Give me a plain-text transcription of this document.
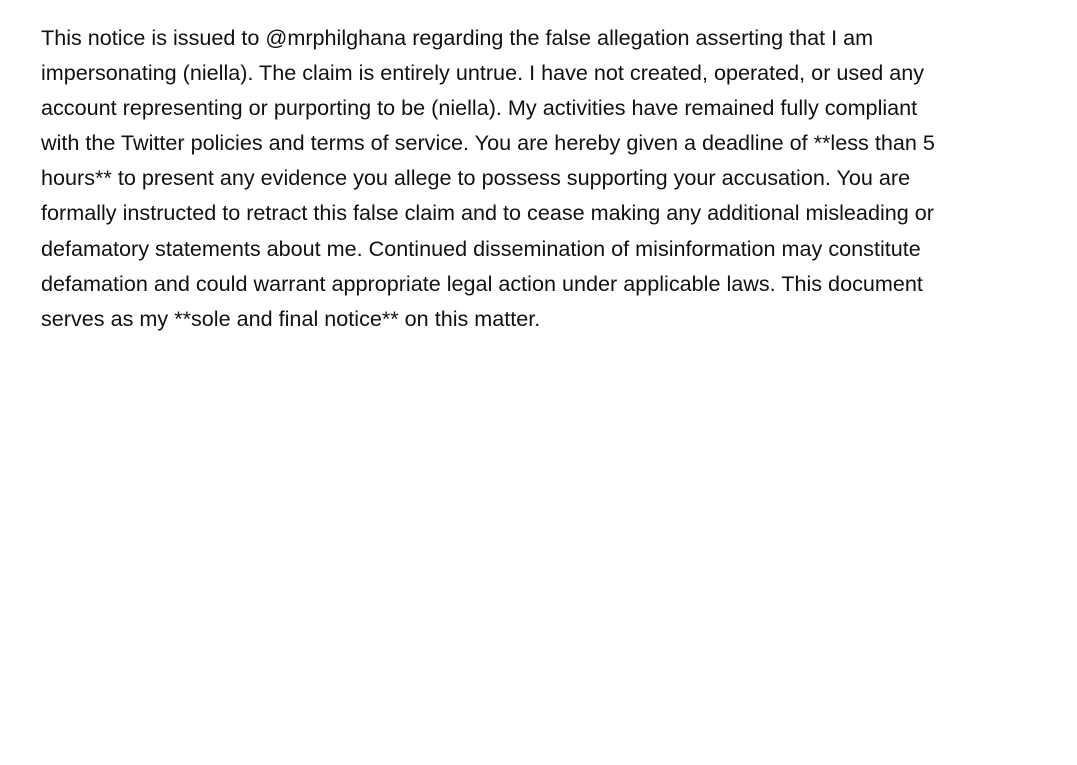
This notice is issued to @mrphilghana regarding the false allegation asserting that I am
impersonating (niella). The claim is entirely untrue. I have not created, operated, or used any
account representing or purporting to be (niella). My activities have remained fully compliant
with the Twitter policies and terms of service. You are hereby given a deadline of **less than 5
hours** to present any evidence you allege to possess supporting your accusation. You are
formally instructed to retract this false claim and to cease making any additional misleading or
defamatory statements about me. Continued dissemination of misinformation may constitute
defamation and could warrant appropriate legal action under applicable laws. This document
serves as my **sole and final notice** on this matter.
